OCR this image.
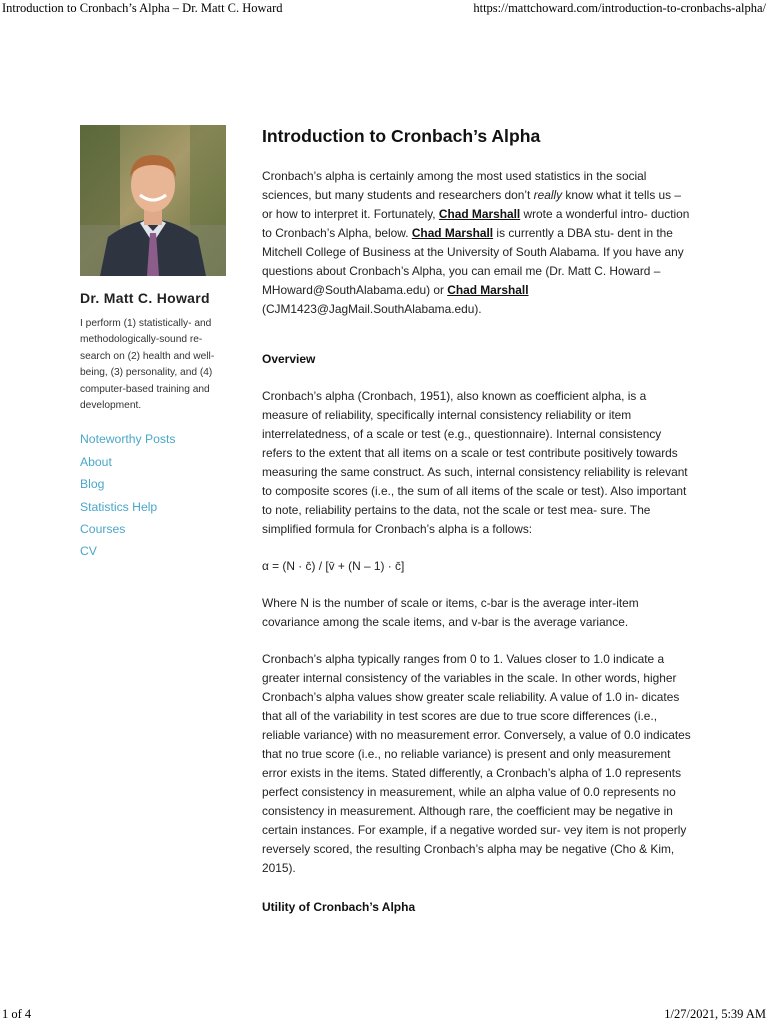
Introduction to Cronbach’s Alpha – Dr. Matt C. Howard	https://mattchoward.com/introduction-to-cronbachs-alpha/
Dr. Matt C. Howard

I perform (1) statistically- and methodologically-sound re- search on (2) health and well- being, (3) personality, and (4) computer-based training and development.

Noteworthy Posts
About
Blog
Statistics Help
Courses
CV
Introduction to Cronbach’s Alpha

Cronbach’s alpha is certainly among the most used statistics in the social sciences, but many students and researchers don’t really know what it tells us – or how to interpret it. Fortunately, Chad Marshall wrote a wonderful intro- duction to Cronbach’s Alpha, below. Chad Marshall is currently a DBA stu- dent in the Mitchell College of Business at the University of South Alabama. If you have any questions about Cronbach’s Alpha, you can email me (Dr. Matt C. Howard – MHoward@SouthAlabama.edu) or Chad Marshall (CJM1423@JagMail.SouthAlabama.edu).

Overview

Cronbach’s alpha (Cronbach, 1951), also known as coefficient alpha, is a measure of reliability, specifically internal consistency reliability or item interrelatedness, of a scale or test (e.g., questionnaire). Internal consistency refers to the extent that all items on a scale or test contribute positively towards measuring the same construct. As such, internal consistency reliability is relevant to composite scores (i.e., the sum of all items of the scale or test). Also important to note, reliability pertains to the data, not the scale or test mea- sure. The simplified formula for Cronbach’s alpha is a follows:

α = (N · c̄) / [v̄ + (N – 1) · c̄]

Where N is the number of scale or items, c-bar is the average inter-item covariance among the scale items, and v-bar is the average variance.

Cronbach’s alpha typically ranges from 0 to 1. Values closer to 1.0 indicate a greater internal consistency of the variables in the scale. In other words, higher Cronbach’s alpha values show greater scale reliability. A value of 1.0 in- dicates that all of the variability in test scores are due to true score differences (i.e.,

reliable variance) with no measurement error. Conversely, a value of 0.0 indicates that no true score (i.e., no reliable variance) is present and only measurement error exists in the items. Stated differently, a Cronbach’s alpha of 1.0 represents perfect consistency in measurement, while an alpha value of 0.0 represents no consistency in measurement. Although rare, the coefficient may be negative in certain instances. For example, if a negative worded sur- vey item is not properly reversely scored, the resulting Cronbach’s alpha may be negative (Cho & Kim, 2015).

Utility of Cronbach’s Alpha
1 of 4	1/27/2021, 5:39 AM
